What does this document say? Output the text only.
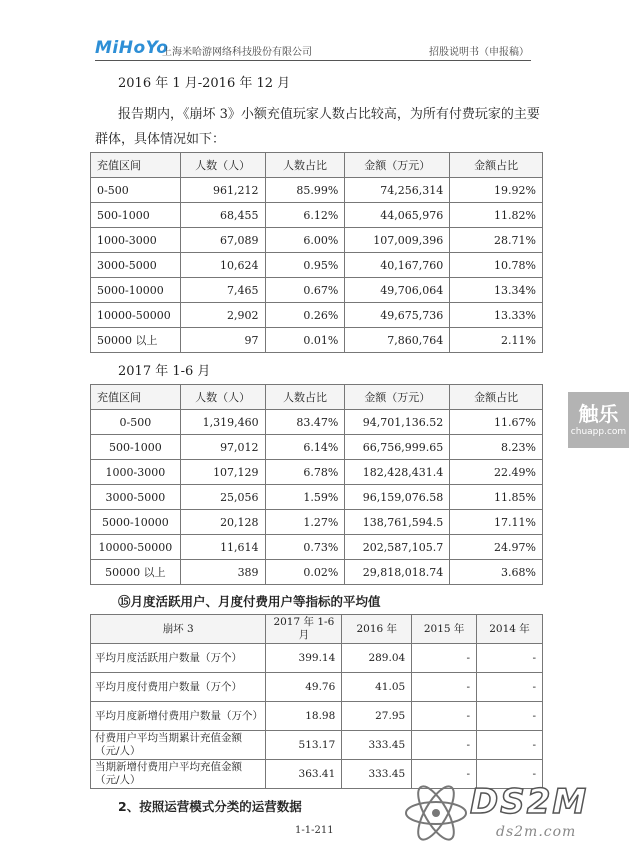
MiHoYo
上海米哈游网络科技股份有限公司	招股说明书（申报稿）
2016 年 1 月-2016 年 12 月
报告期内，《崩坏 3》小额充值玩家人数占比较高，为所有付费玩家的主要
群体，具体情况如下：
充值区间	人数（人）	人数占比	金额（万元）	金额占比
0-500	961,212	85.99%	74,256,314	19.92%
500-1000	68,455	6.12%	44,065,976	11.82%
1000-3000	67,089	6.00%	107,009,396	28.71%
3000-5000	10,624	0.95%	40,167,760	10.78%
5000-10000	7,465	0.67%	49,706,064	13.34%
10000-50000	2,902	0.26%	49,675,736	13.33%
50000 以上	97	0.01%	7,860,764	2.11%
2017 年 1-6 月
充值区间	人数（人）	人数占比	金额（万元）	金额占比
0-500	1,319,460	83.47%	94,701,136.52	11.67%
500-1000	97,012	6.14%	66,756,999.65	8.23%
1000-3000	107,129	6.78%	182,428,431.4	22.49%
3000-5000	25,056	1.59%	96,159,076.58	11.85%
5000-10000	20,128	1.27%	138,761,594.5	17.11%
10000-50000	11,614	0.73%	202,587,105.7	24.97%
50000 以上	389	0.02%	29,818,018.74	3.68%
⑮月度活跃用户、月度付费用户等指标的平均值
崩坏 3	2017 年 1-6 月	2016 年	2015 年	2014 年
平均月度活跃用户数量（万个）	399.14	289.04	-	-
平均月度付费用户数量（万个）	49.76	41.05	-	-
平均月度新增付费用户数量（万个）	18.98	27.95	-	-
付费用户平均当期累计充值金额（元/人）	513.17	333.45	-	-
当期新增付费用户平均充值金额（元/人）	363.41	333.45	-	-
2、按照运营模式分类的运营数据
1-1-211
触乐
chuapp.com
DS2M
ds2m.com
